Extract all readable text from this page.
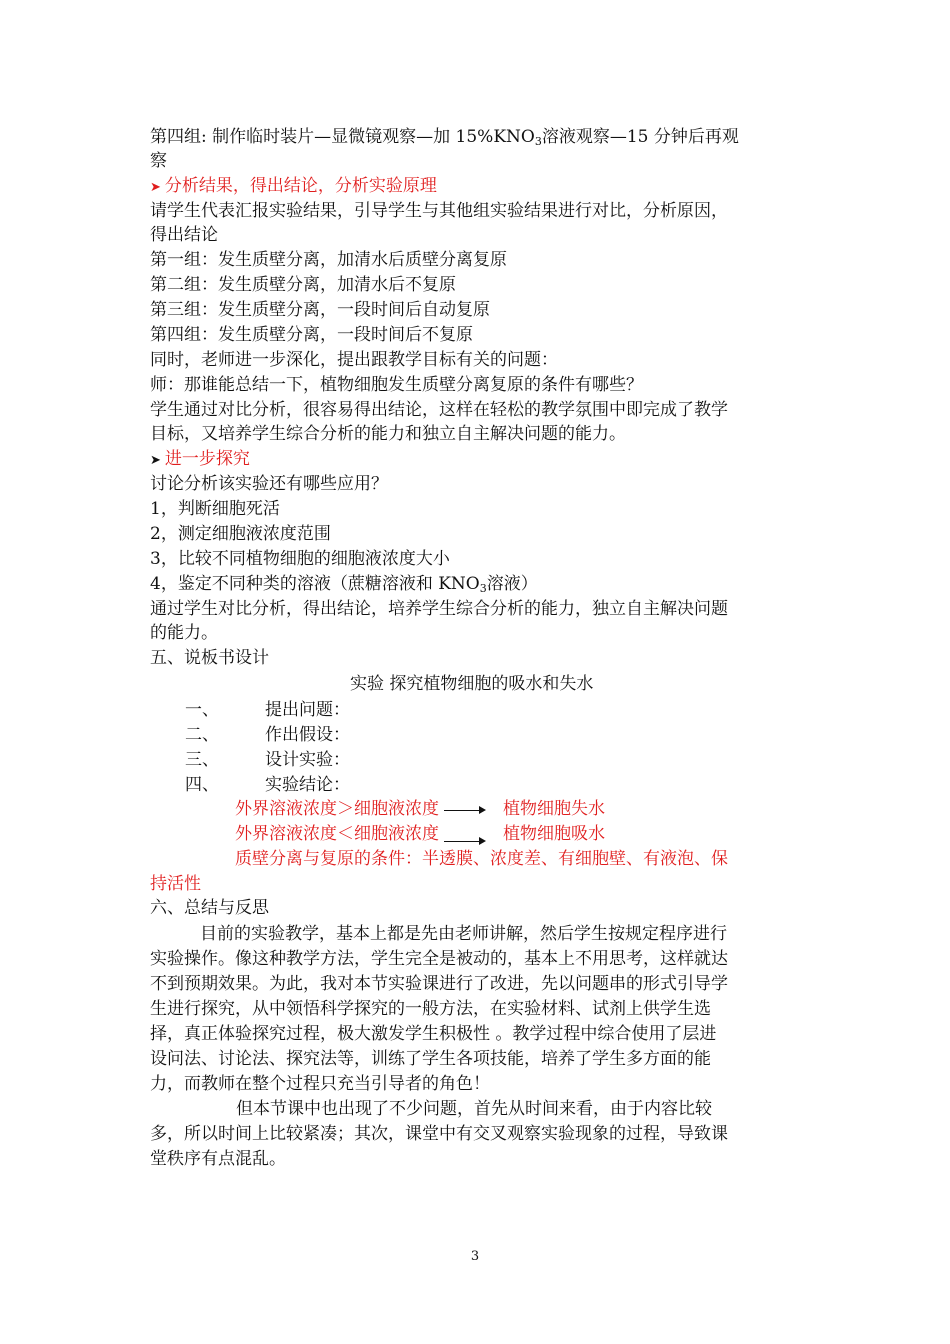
第四组: 制作临时装片—显微镜观察—加 $15\%KNO_3$溶液观察—15 分钟后再观
察
➤ 分析结果，得出结论，分析实验原理
请学生代表汇报实验结果，引导学生与其他组实验结果进行对比，分析原因，
得出结论
第一组：发生质壁分离，加清水后质壁分离复原
第二组：发生质壁分离，加清水后不复原
第三组：发生质壁分离，一段时间后自动复原
第四组：发生质壁分离，一段时间后不复原
同时，老师进一步深化，提出跟教学目标有关的问题：
师：那谁能总结一下，植物细胞发生质壁分离复原的条件有哪些？
学生通过对比分析，很容易得出结论，这样在轻松的教学氛围中即完成了教学
目标，又培养学生综合分析的能力和独立自主解决问题的能力。
➤ 进一步探究
讨论分析该实验还有哪些应用？
1，判断细胞死活
2，测定细胞液浓度范围
3，比较不同植物细胞的细胞液浓度大小
4，鉴定不同种类的溶液（蔗糖溶液和 $KNO_3$溶液）
通过学生对比分析，得出结论，培养学生综合分析的能力，独立自主解决问题
的能力。
五、说板书设计
实验 探究植物细胞的吸水和失水
一、	提出问题：
二、	作出假设：
三、	设计实验：
四、	实验结论：
外界溶液浓度＞细胞液浓度	植物细胞失水
外界溶液浓度＜细胞液浓度	植物细胞吸水
质壁分离与复原的条件：半透膜、浓度差、有细胞壁、有液泡、保
持活性
六、总结与反思
目前的实验教学，基本上都是先由老师讲解，然后学生按规定程序进行
实验操作。像这种教学方法，学生完全是被动的，基本上不用思考，这样就达
不到预期效果。为此，我对本节实验课进行了改进，先以问题串的形式引导学
生进行探究，从中领悟科学探究的一般方法，在实验材料、试剂上供学生选
择，真正体验探究过程，极大激发学生积极性 。教学过程中综合使用了层进
设问法、讨论法、探究法等，训练了学生各项技能，培养了学生多方面的能
力，而教师在整个过程只充当引导者的角色！
但本节课中也出现了不少问题，首先从时间来看，由于内容比较
多，所以时间上比较紧凑；其次，课堂中有交叉观察实验现象的过程，导致课
堂秩序有点混乱。
3
